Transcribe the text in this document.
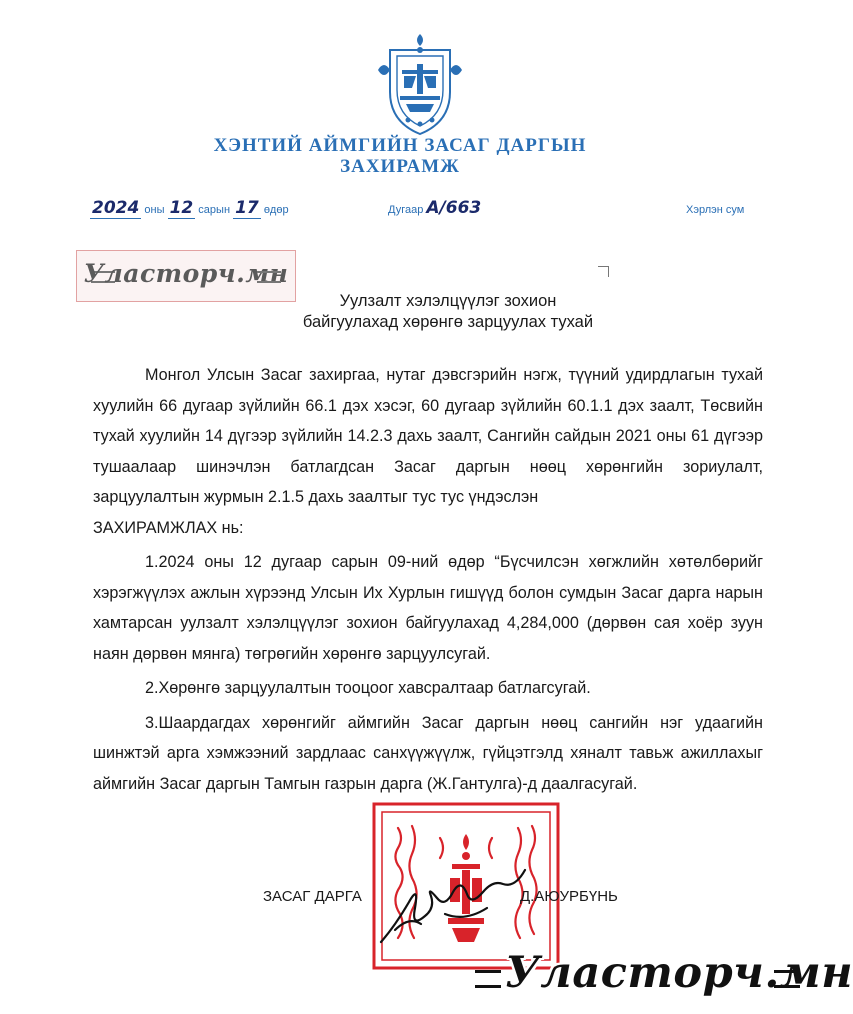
ХЭНТИЙ АЙМГИЙН ЗАСАГ ДАРГЫН
ЗАХИРАМЖ
2024 оны 12 сарын 17 өдөр	Дугаар А/663	Хэрлэн сум
Уласторч.мн
Уулзалт хэлэлцүүлэг зохион
байгуулахад хөрөнгө зарцуулах тухай

Монгол Улсын Засаг захиргаа, нутаг дэвсгэрийн нэгж, түүний удирдлагын тухай хуулийн 66 дугаар зүйлийн 66.1 дэх хэсэг, 60 дугаар зүйлийн 60.1.1 дэх заалт, Төсвийн тухай хуулийн 14 дүгээр зүйлийн 14.2.3 дахь заалт, Сангийн сайдын 2021 оны 61 дүгээр тушаалаар шинэчлэн батлагдсан Засаг даргын нөөц хөрөнгийн зориулалт, зарцуулалтын журмын 2.1.5 дахь заалтыг тус тус үндэслэн

ЗАХИРАМЖЛАХ нь:

1.2024 оны 12 дугаар сарын 09-ний өдөр “Бүсчилсэн хөгжлийн хөтөлбөрийг хэрэгжүүлэх ажлын хүрээнд Улсын Их Хурлын гишүүд болон сумдын Засаг дарга нарын хамтарсан уулзалт хэлэлцүүлэг зохион байгуулахад 4,284,000 (дөрвөн сая хоёр зуун наян дөрвөн мянга) төгрөгийн хөрөнгө зарцуулсугай.

2.Хөрөнгө зарцуулалтын тооцоог хавсралтаар батлагсугай.

3.Шаардагдах хөрөнгийг аймгийн Засаг даргын нөөц сангийн нэг удаагийн шинжтэй арга хэмжээний зардлаас санхүүжүүлж, гүйцэтгэлд хяналт тавьж ажиллахыг аймгийн Засаг даргын Тамгын газрын дарга (Ж.Гантулга)-д даалгасугай.

ЗАСАГ ДАРГА	Д.АЮУРБҮНЬ
Уласторч.мн
